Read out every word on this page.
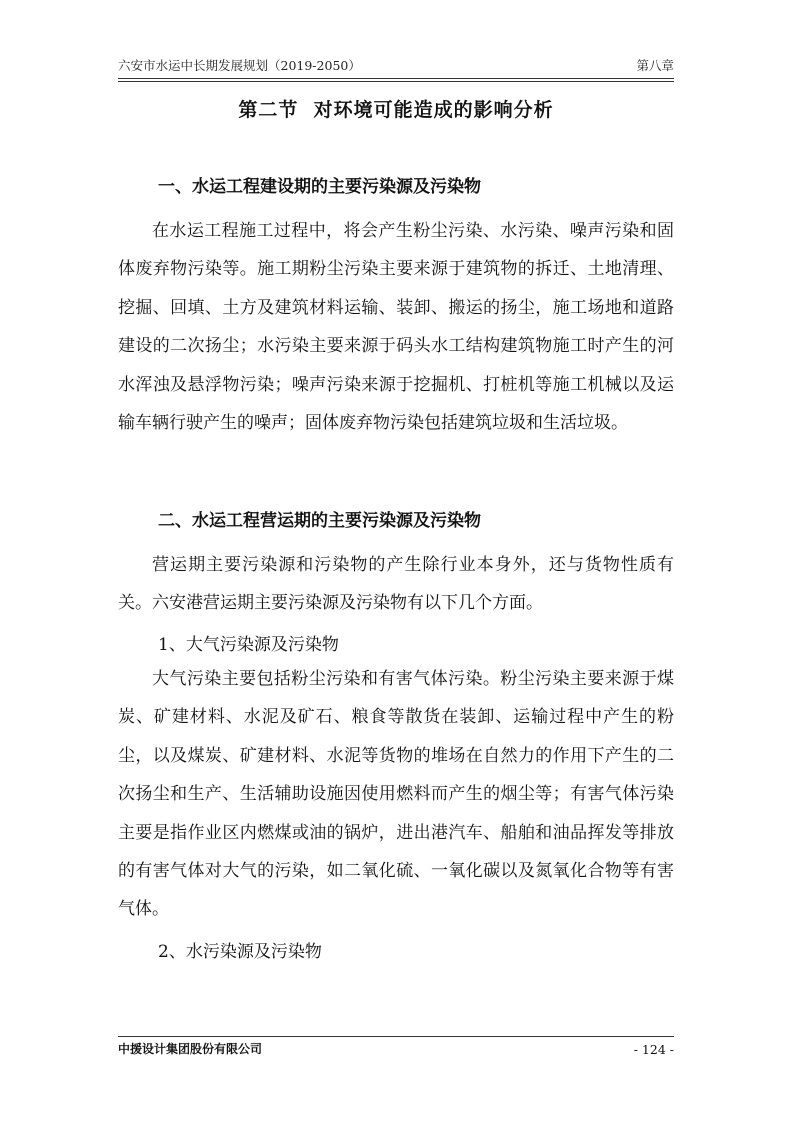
六安市水运中长期发展规划（2019-2050）	第八章
第二节  对环境可能造成的影响分析
一、水运工程建设期的主要污染源及污染物

在水运工程施工过程中，将会产生粉尘污染、水污染、噪声污染和固体废弃物污染等。施工期粉尘污染主要来源于建筑物的拆迁、土地清理、挖掘、回填、土方及建筑材料运输、装卸、搬运的扬尘，施工场地和道路建设的二次扬尘；水污染主要来源于码头水工结构建筑物施工时产生的河水浑浊及悬浮物污染；噪声污染来源于挖掘机、打桩机等施工机械以及运输车辆行驶产生的噪声；固体废弃物污染包括建筑垃圾和生活垃圾。

二、水运工程营运期的主要污染源及污染物

营运期主要污染源和污染物的产生除行业本身外，还与货物性质有关。六安港营运期主要污染源及污染物有以下几个方面。

1、大气污染源及污染物

大气污染主要包括粉尘污染和有害气体污染。粉尘污染主要来源于煤炭、矿建材料、水泥及矿石、粮食等散货在装卸、运输过程中产生的粉尘，以及煤炭、矿建材料、水泥等货物的堆场在自然力的作用下产生的二次扬尘和生产、生活辅助设施因使用燃料而产生的烟尘等；有害气体污染主要是指作业区内燃煤或油的锅炉，进出港汽车、船舶和油品挥发等排放的有害气体对大气的污染，如二氧化硫、一氧化碳以及氮氧化合物等有害气体。

2、水污染源及污染物
中援设计集团股份有限公司	- 124 -
